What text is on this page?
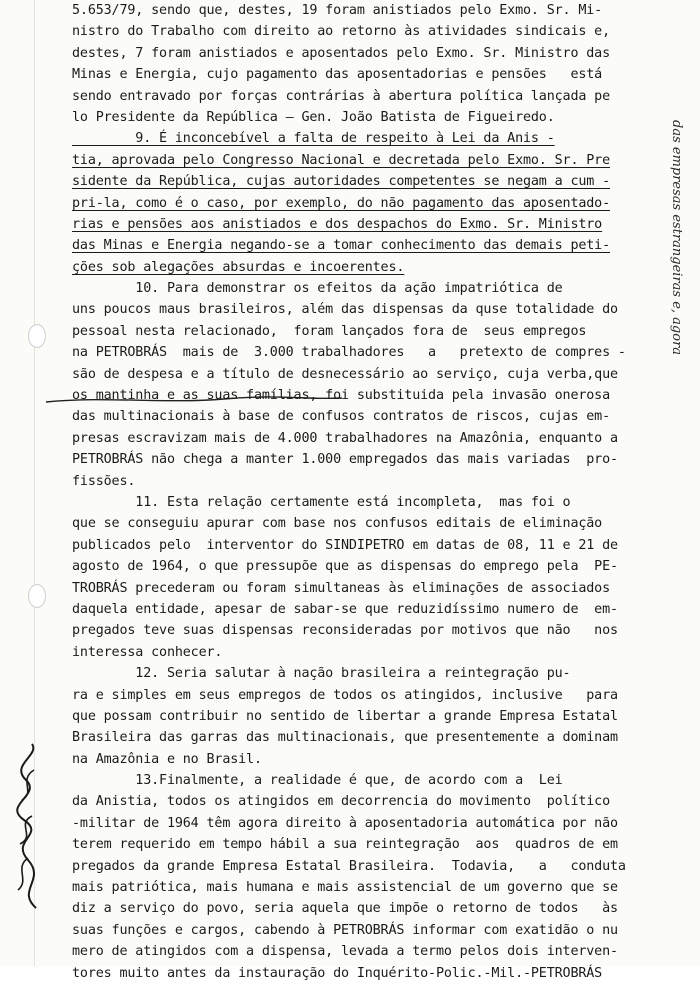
5.653/79, sendo que, destes, 19 foram anistiados pelo Exmo. Sr. Mi-
nistro do Trabalho com direito ao retorno às atividades sindicais e,
destes, 7 foram anistiados e aposentados pelo Exmo. Sr. Ministro das
Minas e Energia, cujo pagamento das aposentadorias e pensões   está
sendo entravado por forças contrárias à abertura política lançada pe
lo Presidente da República — Gen. João Batista de Figueiredo.
9. É inconcebível a falta de respeito à Lei da Anis -
tia, aprovada pelo Congresso Nacional e decretada pelo Exmo. Sr. Pre
sidente da República, cujas autoridades competentes se negam a cum -
pri-la, como é o caso, por exemplo, do não pagamento das aposentado-
rias e pensões aos anistiados e dos despachos do Exmo. Sr. Ministro
das Minas e Energia negando-se a tomar conhecimento das demais peti-
ções sob alegações absurdas e incoerentes.
10. Para demonstrar os efeitos da ação impatriótica de
uns poucos maus brasileiros, além das dispensas da quse totalidade do
pessoal nesta relacionado,  foram lançados fora de  seus empregos
na PETROBRÁS  mais de  3.000 trabalhadores   a   pretexto de compres -
são de despesa e a título de desnecessário ao serviço, cuja verba,que
os mantinha e as suas famílias, foi substituida pela invasão onerosa
das multinacionais à base de confusos contratos de riscos, cujas em-
presas escravizam mais de 4.000 trabalhadores na Amazônia, enquanto a
PETROBRÁS não chega a manter 1.000 empregados das mais variadas  pro-
fissões.
11. Esta relação certamente está incompleta,  mas foi o
que se conseguiu apurar com base nos confusos editais de eliminação
publicados pelo  interventor do SINDIPETRO em datas de 08, 11 e 21 de
agosto de 1964, o que pressupõe que as dispensas do emprego pela  PE-
TROBRÁS precederam ou foram simultaneas às eliminações de associados
daquela entidade, apesar de sabar-se que reduzidíssimo numero de  em-
pregados teve suas dispensas reconsideradas por motivos que não   nos
interessa conhecer.
12. Seria salutar à nação brasileira a reintegração pu-
ra e simples em seus empregos de todos os atingidos, inclusive   para
que possam contribuir no sentido de libertar a grande Empresa Estatal
Brasileira das garras das multinacionais, que presentemente a dominam
na Amazônia e no Brasil.
13.Finalmente, a realidade é que, de acordo com a  Lei
da Anistia, todos os atingidos em decorrencia do movimento  político
-militar de 1964 têm agora direito à aposentadoria automática por não
terem requerido em tempo hábil a sua reintegração  aos  quadros de em
pregados da grande Empresa Estatal Brasileira.  Todavia,   a   conduta
mais patriótica, mais humana e mais assistencial de um governo que se
diz a serviço do povo, seria aquela que impõe o retorno de todos   às
suas funções e cargos, cabendo à PETROBRÁS informar com exatidão o nu
mero de atingidos com a dispensa, levada a termo pelos dois interven-
tores muito antes da instauração do Inquérito-Polic.-Mil.-PETROBRÁS
das empresas estrangeiras e, agora
